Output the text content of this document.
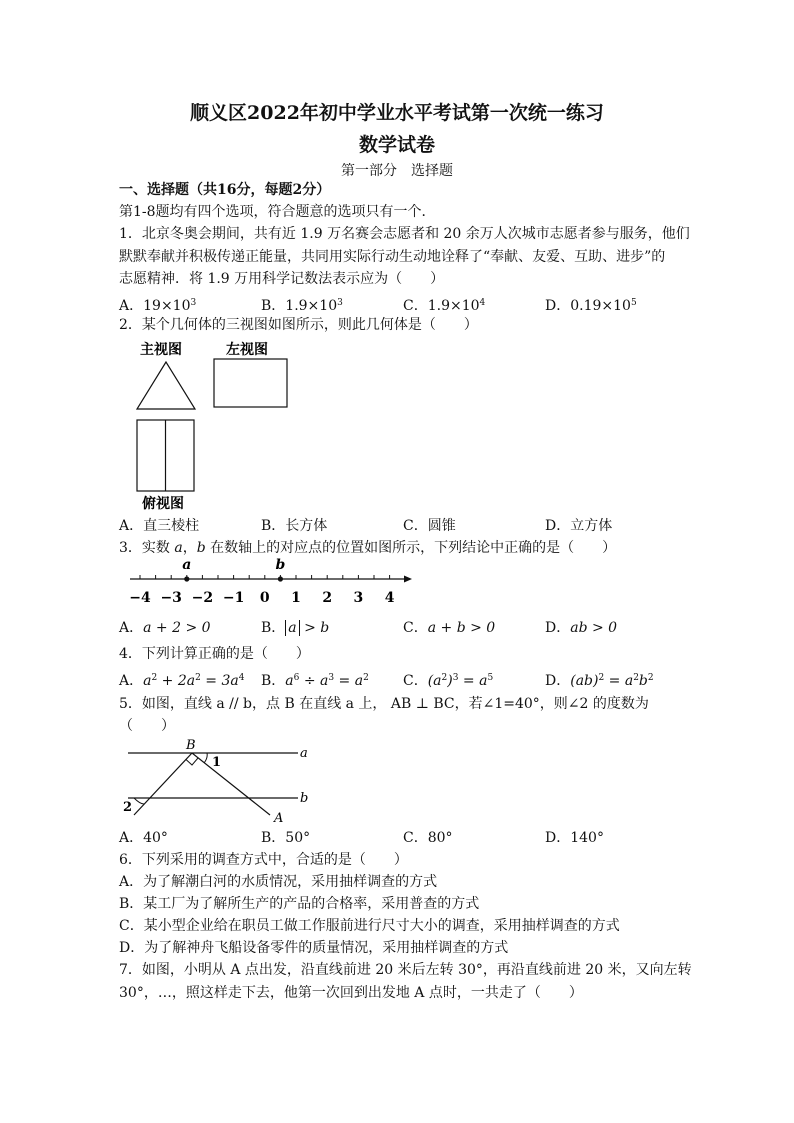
顺义区2022年初中学业水平考试第一次统一练习
数学试卷
第一部分　选择题
一、选择题（共16分，每题2分）
第1-8题均有四个选项，符合题意的选项只有一个．
1．北京冬奥会期间，共有近 1.9 万名赛会志愿者和 20 余万人次城市志愿者参与服务，他们
默默奉献并积极传递正能量，共同用实际行动生动地诠释了“奉献、友爱、互助、进步”的
志愿精神．将 1.9 万用科学记数法表示应为（　　）
A．$19\times 10^3$	B．$1.9\times 10^3$	C．$1.9\times 10^4$	D．$0.19\times 10^5$
2．某个几何体的三视图如图所示，则此几何体是（　　）
主视图	左视图
俯视图
A．直三棱柱	B．长方体	C．圆锥	D．立方体
3．实数 a，b 在数轴上的对应点的位置如图所示，下列结论中正确的是（　　）
−4 −3 −2 −1 0 1 2 3 4
a	b
A．a + 2 > 0	B． a > b	C．a + b > 0	D．ab > 0
4．下列计算正确的是（　　）
A．$a^2 + 2a^2 = 3a^4$ B．$a^6 \div a^3 = a^2$ C．$(a^2)^3 = a^5$	D．$(ab)^2 = a^2b^2$
5．如图，直线 a // b，点 B 在直线 a 上， AB ⊥ BC，若∠1=40°，则∠2 的度数为
（　　）
B
a
b
1
2
A
A．40°	B．50°	C．80°	D．140°
6．下列采用的调查方式中，合适的是（　　）
A．为了解潮白河的水质情况，采用抽样调查的方式
B．某工厂为了解所生产的产品的合格率，采用普查的方式
C．某小型企业给在职员工做工作服前进行尺寸大小的调查，采用抽样调查的方式
D．为了解神舟飞船设备零件的质量情况，采用抽样调查的方式
7．如图，小明从 A 点出发，沿直线前进 20 米后左转 30°，再沿直线前进 20 米，又向左转
30°，…，照这样走下去，他第一次回到出发地 A 点时，一共走了（　　）
